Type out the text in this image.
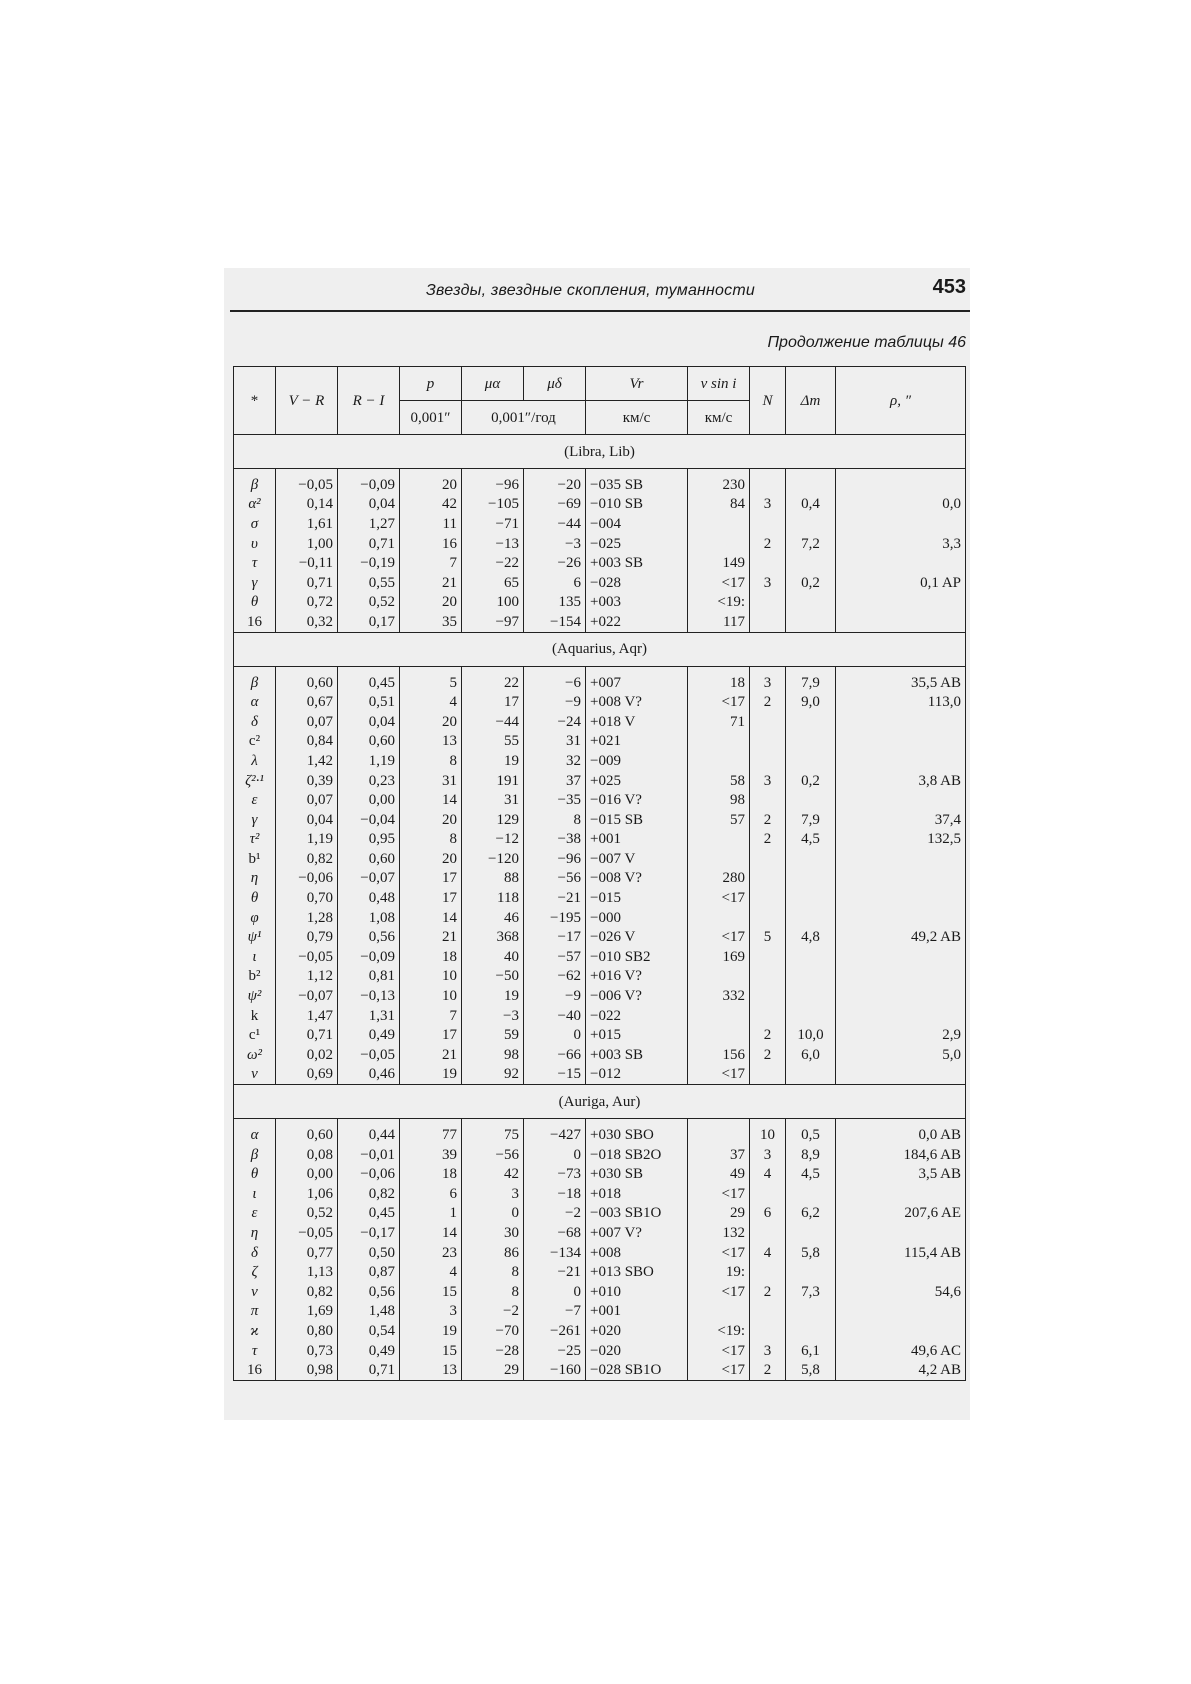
Звезды, звездные скопления, туманности	453
Продолжение таблицы 46
*	V − R	R − I	p	μα	μδ	Vr	v sin i	N	Δm	ρ, ″
			0,001″	0,001″/год		км/с	км/с			
(Libra, Lib)										

β	−0,05	−0,09	20	−96	−20	−035 SB	230			
α²	0,14	0,04	42	−105	−69	−010 SB	84	3	0,4	0,0
σ	1,61	1,27	11	−71	−44	−004				
υ	1,00	0,71	16	−13	−3	−025		2	7,2	3,3
τ	−0,11	−0,19	7	−22	−26	+003 SB	149			
γ	0,71	0,55	21	65	6	−028	<17	3	0,2	0,1 AP
θ	0,72	0,52	20	100	135	+003	<19:			
16	0,32	0,17	35	−97	−154	+022	117			
(Aquarius, Aqr)										

β	0,60	0,45	5	22	−6	+007	18	3	7,9	35,5 AB
α	0,67	0,51	4	17	−9	+008 V?	<17	2	9,0	113,0
δ	0,07	0,04	20	−44	−24	+018 V	71			
c²	0,84	0,60	13	55	31	+021				
λ	1,42	1,19	8	19	32	−009				
ζ²·¹	0,39	0,23	31	191	37	+025	58	3	0,2	3,8 AB
ε	0,07	0,00	14	31	−35	−016 V?	98			
γ	0,04	−0,04	20	129	8	−015 SB	57	2	7,9	37,4
τ²	1,19	0,95	8	−12	−38	+001		2	4,5	132,5
b¹	0,82	0,60	20	−120	−96	−007 V				
η	−0,06	−0,07	17	88	−56	−008 V?	280			
θ	0,70	0,48	17	118	−21	−015	<17			
φ	1,28	1,08	14	46	−195	−000				
ψ¹	0,79	0,56	21	368	−17	−026 V	<17	5	4,8	49,2 AB
ι	−0,05	−0,09	18	40	−57	−010 SB2	169			
b²	1,12	0,81	10	−50	−62	+016 V?				
ψ²	−0,07	−0,13	10	19	−9	−006 V?	332			
k	1,47	1,31	7	−3	−40	−022				
c¹	0,71	0,49	17	59	0	+015		2	10,0	2,9
ω²	0,02	−0,05	21	98	−66	+003 SB	156	2	6,0	5,0
ν	0,69	0,46	19	92	−15	−012	<17			
(Auriga, Aur)										

α	0,60	0,44	77	75	−427	+030 SBO		10	0,5	0,0 AB
β	0,08	−0,01	39	−56	0	−018 SB2O	37	3	8,9	184,6 AB
θ	0,00	−0,06	18	42	−73	+030 SB	49	4	4,5	3,5 AB
ι	1,06	0,82	6	3	−18	+018	<17			
ε	0,52	0,45	1	0	−2	−003 SB1O	29	6	6,2	207,6 AE
η	−0,05	−0,17	14	30	−68	+007 V?	132			
δ	0,77	0,50	23	86	−134	+008	<17	4	5,8	115,4 AB
ζ	1,13	0,87	4	8	−21	+013 SBO	19:			
ν	0,82	0,56	15	8	0	+010	<17	2	7,3	54,6
π	1,69	1,48	3	−2	−7	+001				
ϰ	0,80	0,54	19	−70	−261	+020	<19:			
τ	0,73	0,49	15	−28	−25	−020	<17	3	6,1	49,6 AC
16	0,98	0,71	13	29	−160	−028 SB1O	<17	2	5,8	4,2 AB
